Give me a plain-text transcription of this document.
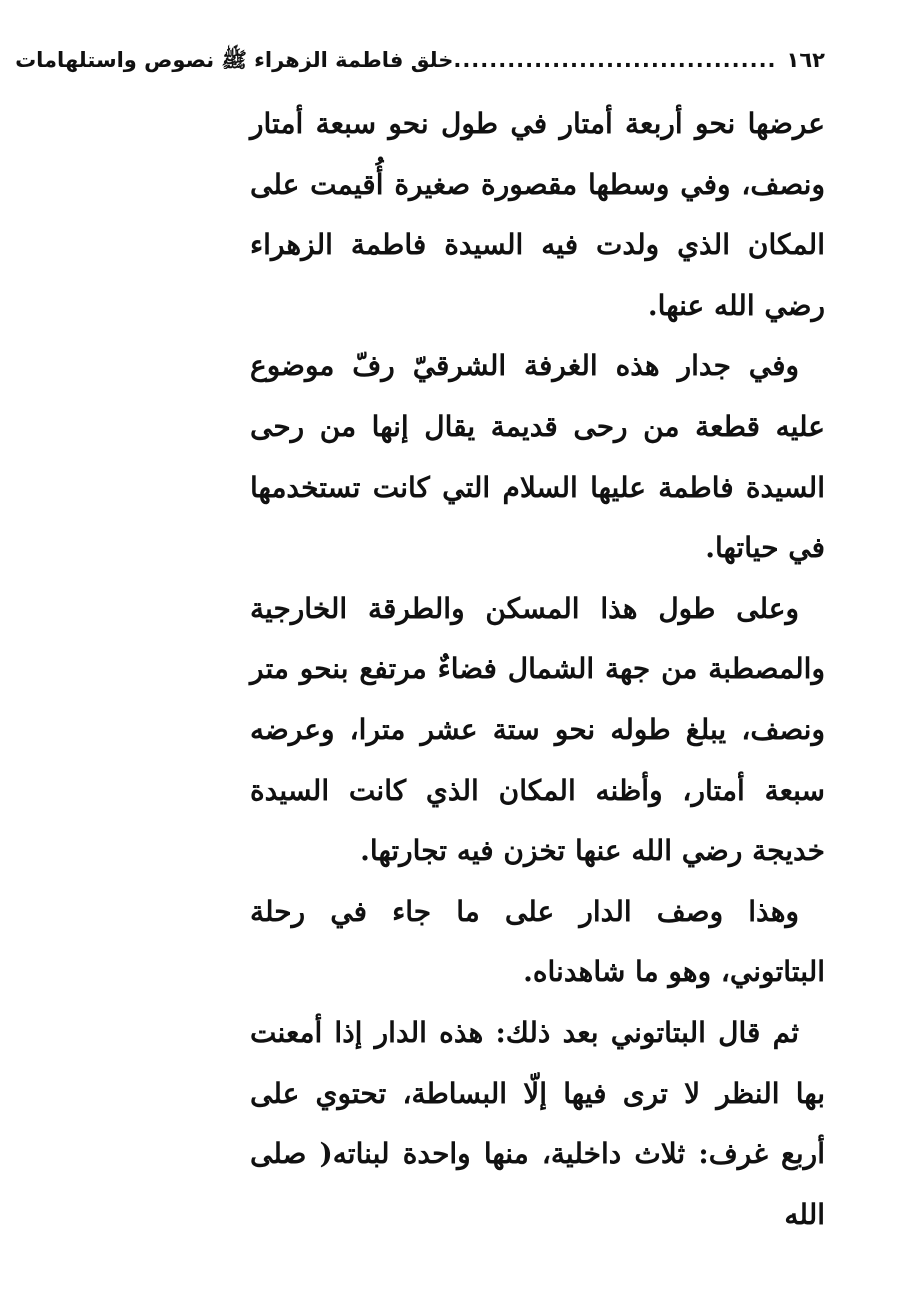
١٦٢
....................................
خلق فاطمة الزهراء ﷺ نصوص واستلهامات

عرضها نحو أربعة أمتار في طول نحو سبعة أمتار ونصف، وفي وسطها مقصورة صغيرة أُقيمت على المكان الذي ولدت فيه السيدة فاطمة الزهراء رضي الله عنها.

وفي جدار هذه الغرفة الشرقيّ رفّ موضوع عليه قطعة من رحى قديمة يقال إنها من رحى السيدة فاطمة عليها السلام التي كانت تستخدمها في حياتها.

وعلى طول هذا المسكن والطرقة الخارجية والمصطبة من جهة الشمال فضاءٌ مرتفع بنحو متر ونصف، يبلغ طوله نحو ستة عشر مترا، وعرضه سبعة أمتار، وأظنه المكان الذي كانت السيدة خديجة رضي الله عنها تخزن فيه تجارتها.

وهذا وصف الدار على ما جاء في رحلة البتاتوني، وهو ما شاهدناه.

ثم قال البتاتوني بعد ذلك: هذه الدار إذا أمعنت بها النظر لا ترى فيها إلّا البساطة، تحتوي على أربع غرف: ثلاث داخلية، منها واحدة لبناته( صلى الله
